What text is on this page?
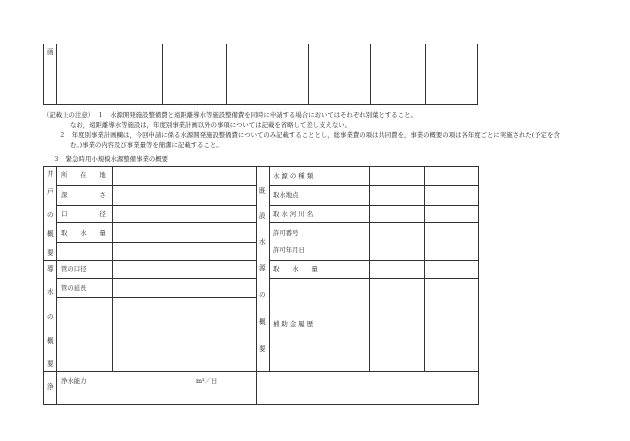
画
（記載上の注意）　１　水源開発施設整備費と遠距離導水等施設整備費を同時に申請する場合においてはそれぞれ別葉とすること。
なお，遠距離導水等施設は，年度別事業計画以外の事項については記載を省略して差し支えない。
２　年度別事業計画欄は，今回申請に係る水源開発施設整備費についてのみ記載することとし，総事業費の項は共同費を，事業の概要の項は各年度ごとに実施された(予定を含
む。)事業の内容及び事業量等を簡潔に記載すること。
３　緊急時用小規模水源整備事業の概要
井
戸
の
概
要
所　　在　　地
深　　　　　さ
口　　　　　径
取　　水　　量
導
水
の
概
要
管の口径
管の延長
浄
浄水能力	m³／日
既
設
水
源
の
概
要
水 源 の 種 類
取水地点
取 水 河 川 名
許可番号
許可年月日
取　　水　　量
補 助 金 履 歴
